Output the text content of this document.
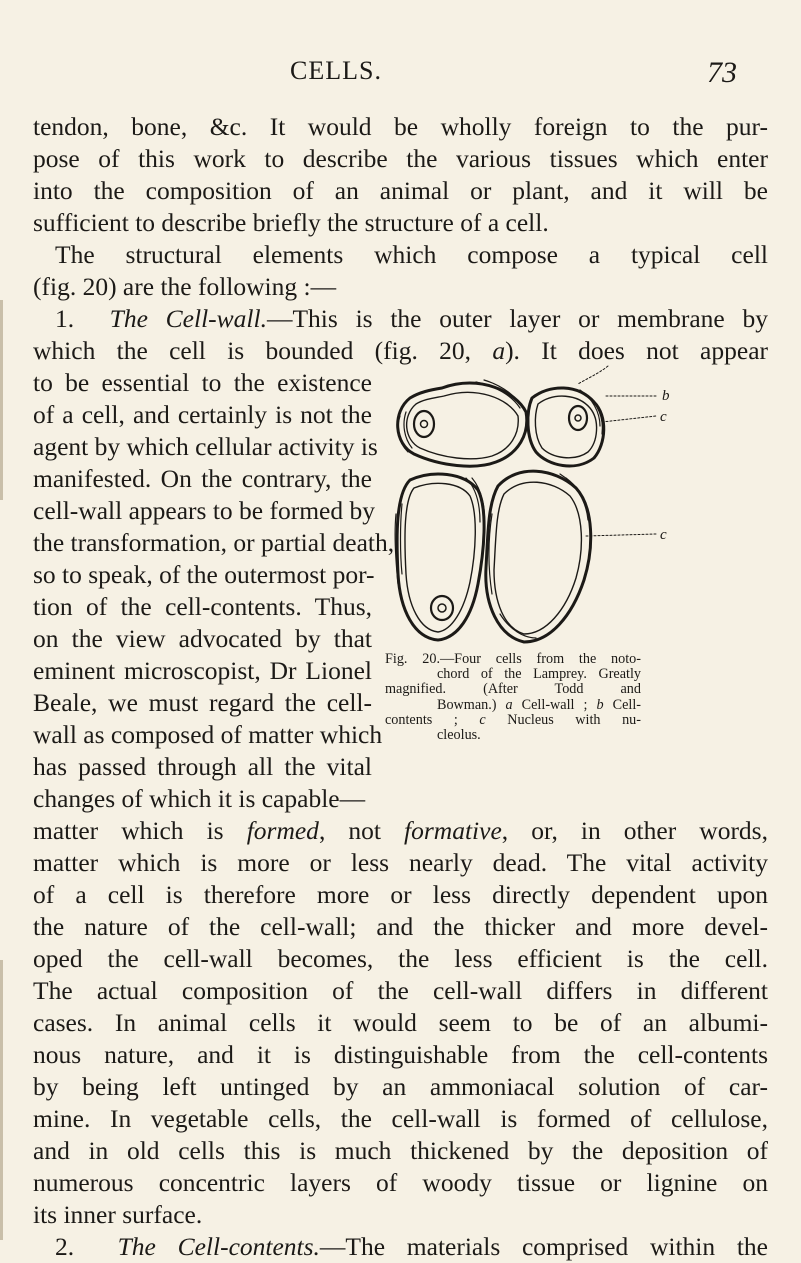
CELLS.	73

tendon, bone, &c. It would be wholly foreign to the pur-

pose of this work to describe the various tissues which enter

into the composition of an animal or plant, and it will be

sufficient to describe briefly the structure of a cell.

The structural elements which compose a typical cell

(fig. 20) are the following :—

1. The Cell-wall.—This is the outer layer or membrane by

which the cell is bounded (fig. 20, a). It does not appear

to be essential to the existence

of a cell, and certainly is not the

agent by which cellular activity is

manifested. On the contrary, the

cell-wall appears to be formed by

the transformation, or partial death,

so to speak, of the outermost por-

tion of the cell-contents. Thus,

on the view advocated by that

eminent microscopist, Dr Lionel

Beale, we must regard the cell-

wall as composed of matter which

has passed through all the vital

changes of which it is capable—

matter which is formed, not formative, or, in other words,

matter which is more or less nearly dead. The vital activity

of a cell is therefore more or less directly dependent upon

the nature of the cell-wall; and the thicker and more devel-

oped the cell-wall becomes, the less efficient is the cell.

The actual composition of the cell-wall differs in different

cases. In animal cells it would seem to be of an albumi-

nous nature, and it is distinguishable from the cell-contents

by being left untinged by an ammoniacal solution of car-

mine. In vegetable cells, the cell-wall is formed of cellulose,

and in old cells this is much thickened by the deposition of

numerous concentric layers of woody tissue or lignine on

its inner surface.

2. The Cell-contents.—The materials comprised within the

b
c
c
Fig. 20.—Four cells from the noto-
chord of the Lamprey. Greatly
magnified. (After Todd and
Bowman.) a Cell-wall ; b Cell-
contents ; c Nucleus with nu-
cleolus.
